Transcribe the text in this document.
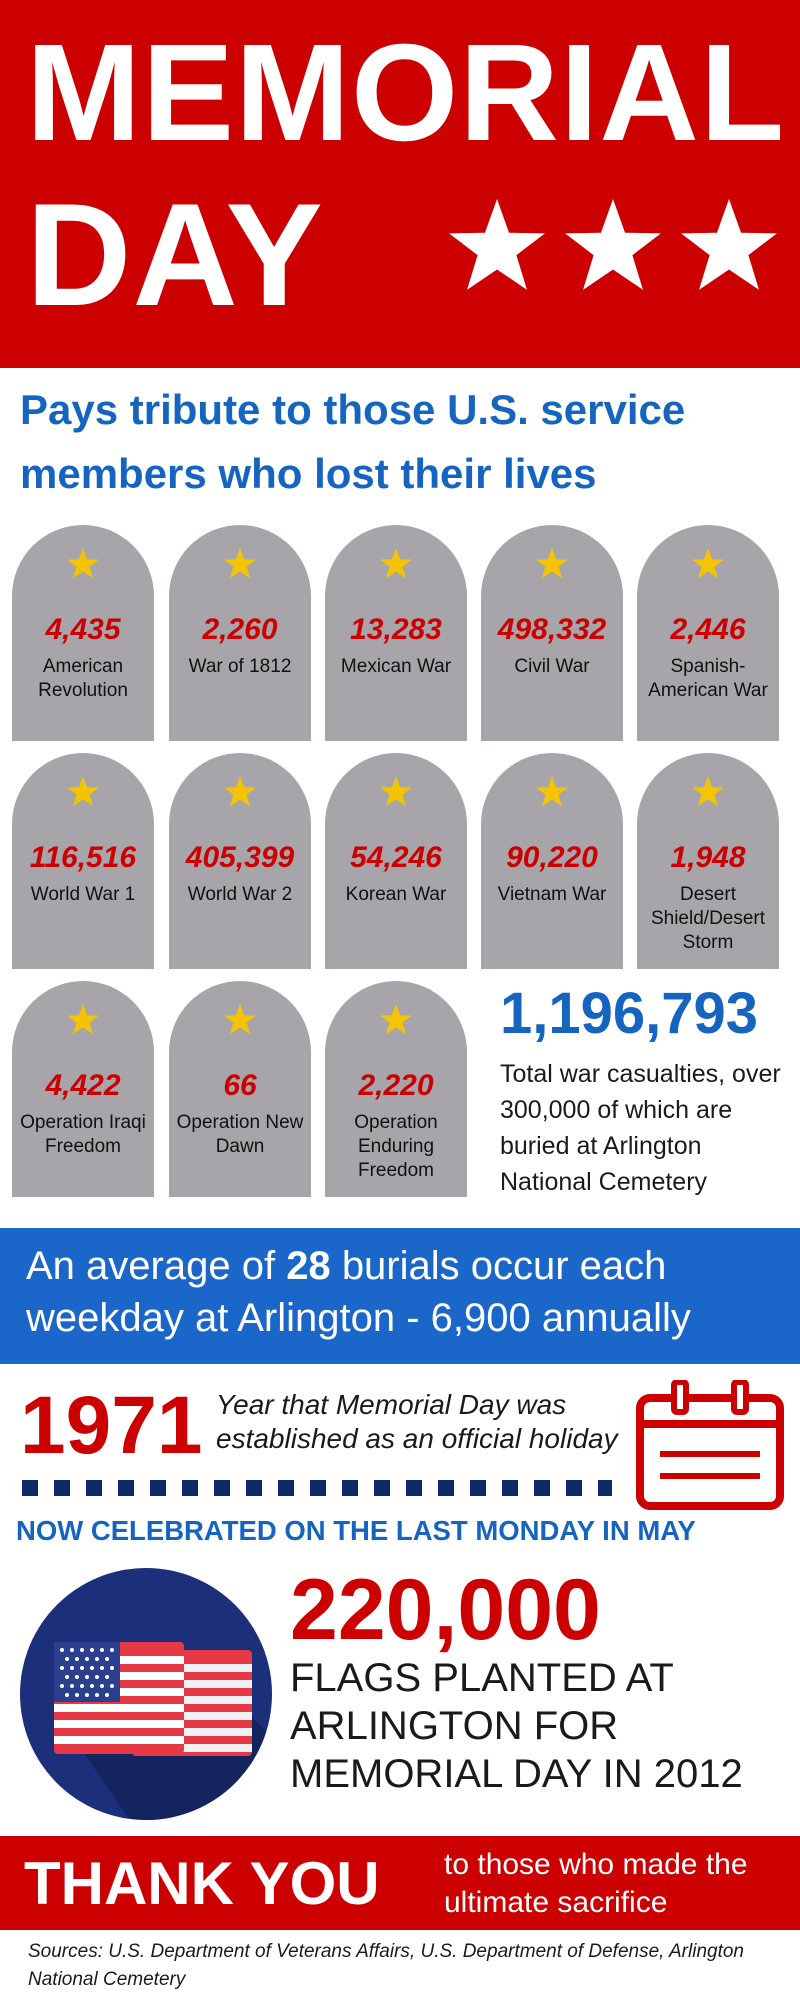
MEMORIAL
DAY
Pays tribute to those U.S. service members who lost their lives
4,435
American Revolution
2,260
War of 1812
13,283
Mexican War
498,332
Civil War
2,446
Spanish-American War
116,516
World War 1
405,399
World War 2
54,246
Korean War
90,220
Vietnam War
1,948
Desert Shield/Desert Storm
4,422
Operation Iraqi Freedom
66
Operation New Dawn
2,220
Operation Enduring Freedom
1,196,793
Total war casualties, over 300,000 of which are buried at Arlington National Cemetery
An average of 28 burials occur each weekday at Arlington - 6,900 annually
1971 Year that Memorial Day was established as an official holiday
NOW CELEBRATED ON THE LAST MONDAY IN MAY
220,000
FLAGS PLANTED AT ARLINGTON FOR MEMORIAL DAY IN 2012
THANK YOU to those who made the ultimate sacrifice
Sources: U.S. Department of Veterans Affairs, U.S. Department of Defense, Arlington National Cemetery
